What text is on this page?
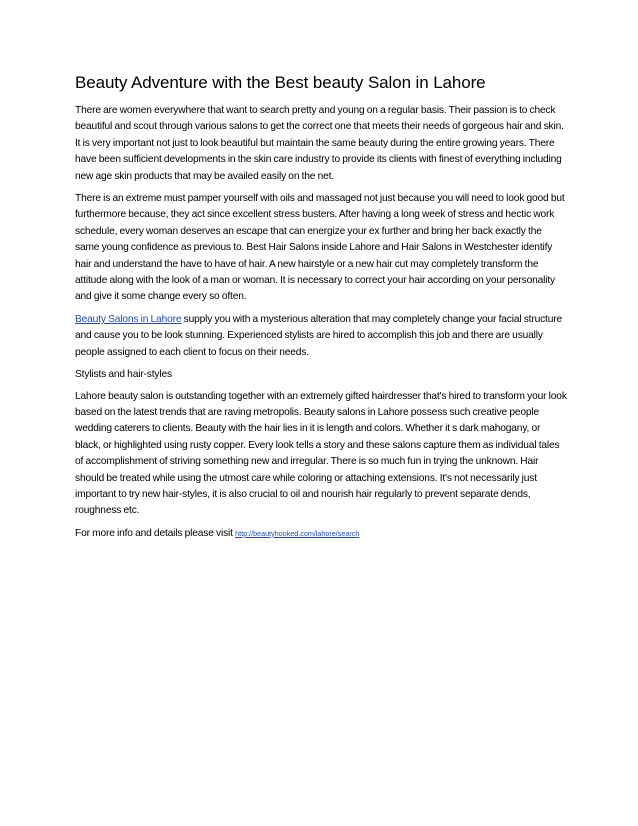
Beauty Adventure with the Best beauty Salon in Lahore

There are women everywhere that want to search pretty and young on a regular basis. Their passion is to check beautiful and scout through various salons to get the correct one that meets their needs of gorgeous hair and skin. It is very important not just to look beautiful but maintain the same beauty during the entire growing years. There have been sufficient developments in the skin care industry to provide its clients with finest of everything including new age skin products that may be availed easily on the net.

There is an extreme must pamper yourself with oils and massaged not just because you will need to look good but furthermore because, they act since excellent stress busters. After having a long week of stress and hectic work schedule, every woman deserves an escape that can energize your ex further and bring her back exactly the same young confidence as previous to. Best Hair Salons inside Lahore and Hair Salons in Westchester identify hair and understand the have to have of hair. A new hairstyle or a new hair cut may completely transform the attitude along with the look of a man or woman. It is necessary to correct your hair according on your personality and give it some change every so often.

Beauty Salons in Lahore supply you with a mysterious alteration that may completely change your facial structure and cause you to be look stunning. Experienced stylists are hired to accomplish this job and there are usually people assigned to each client to focus on their needs.

Stylists and hair-styles

Lahore beauty salon is outstanding together with an extremely gifted hairdresser that's hired to transform your look based on the latest trends that are raving metropolis. Beauty salons in Lahore possess such creative people wedding caterers to clients. Beauty with the hair lies in it is length and colors. Whether it s dark mahogany, or black, or highlighted using rusty copper. Every look tells a story and these salons capture them as individual tales of accomplishment of striving something new and irregular. There is so much fun in trying the unknown. Hair should be treated while using the utmost care while coloring or attaching extensions. It's not necessarily just important to try new hair-styles, it is also crucial to oil and nourish hair regularly to prevent separate dends, roughness etc.

For more info and details please visit http://beautyhooked.com/lahore/search
